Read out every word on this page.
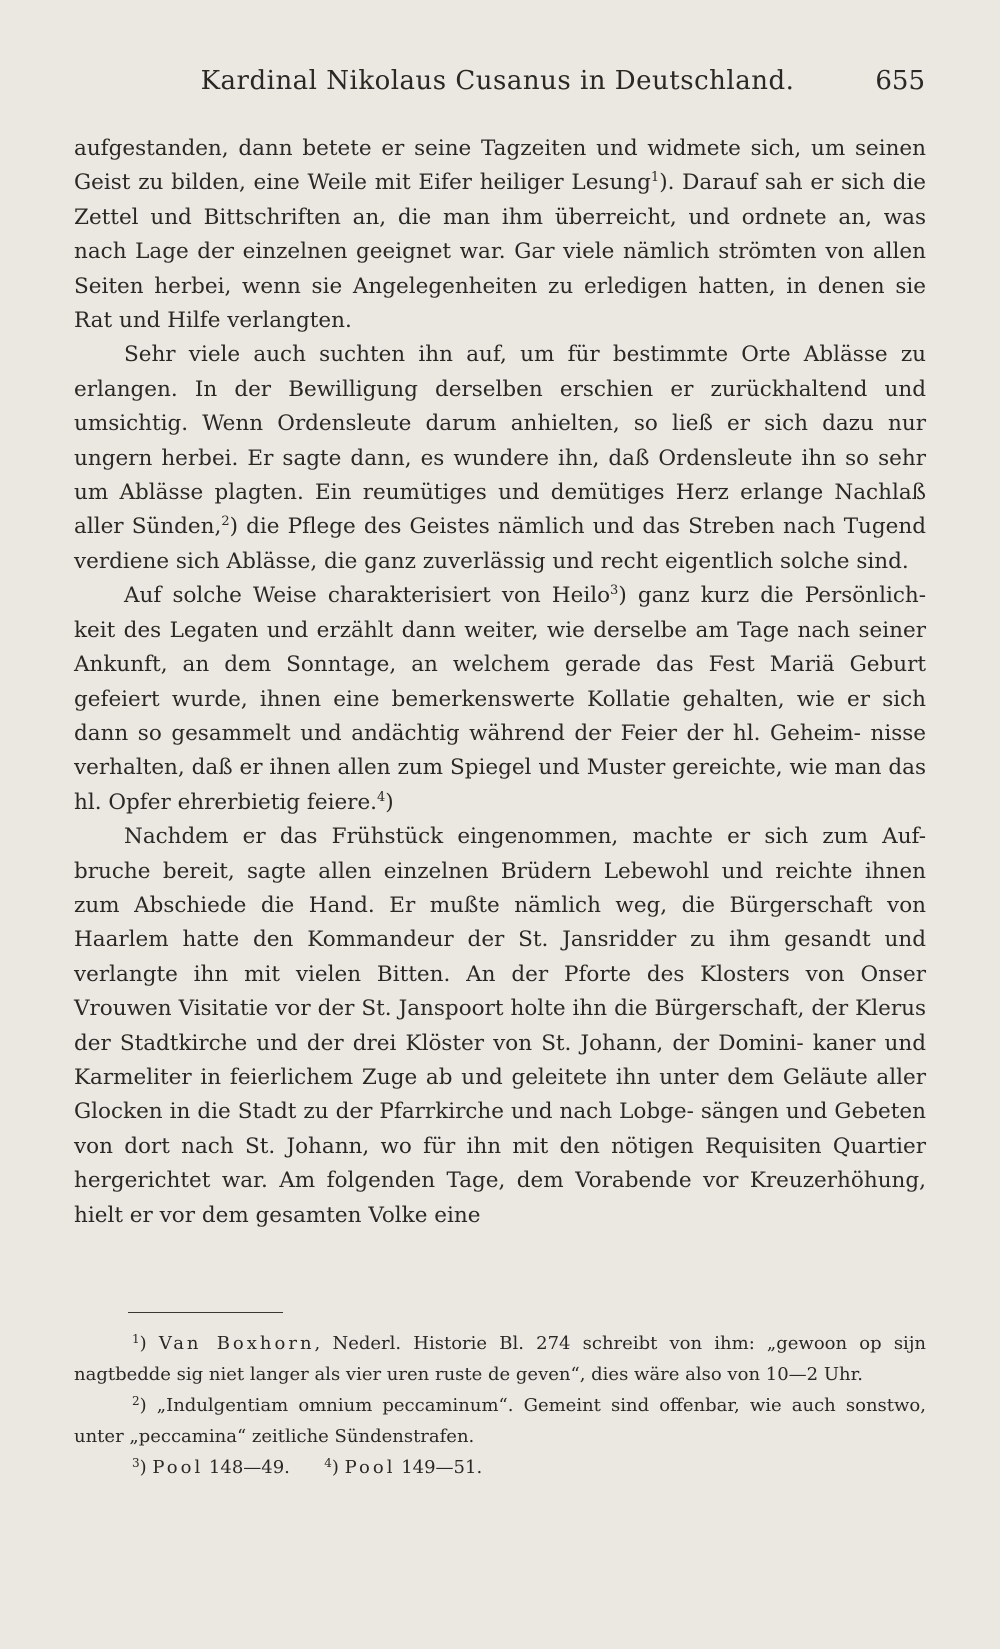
Kardinal Nikolaus Cusanus in Deutschland.	655

aufgestanden, dann betete er seine Tagzeiten und widmete sich, um seinen Geist zu bilden, eine Weile mit Eifer heiliger Lesung$^1$). Darauf sah er sich die Zettel und Bittschriften an, die man ihm überreicht, und ordnete an, was nach Lage der einzelnen geeignet war. Gar viele nämlich strömten von allen Seiten herbei, wenn sie Angelegenheiten zu erledigen hatten, in denen sie Rat und Hilfe verlangten.

Sehr viele auch suchten ihn auf, um für bestimmte Orte Ablässe zu erlangen. In der Bewilligung derselben erschien er zurückhaltend und umsichtig. Wenn Ordensleute darum anhielten, so ließ er sich dazu nur ungern herbei. Er sagte dann, es wundere ihn, daß Ordensleute ihn so sehr um Ablässe plagten. Ein reumütiges und demütiges Herz erlange Nachlaß aller Sünden,$^2$) die Pflege des Geistes nämlich und das Streben nach Tugend verdiene sich Ablässe, die ganz zuverlässig und recht eigentlich solche sind.

Auf solche Weise charakterisiert von Heilo$^3$) ganz kurz die Persönlich- keit des Legaten und erzählt dann weiter, wie derselbe am Tage nach seiner Ankunft, an dem Sonntage, an welchem gerade das Fest Mariä Geburt gefeiert wurde, ihnen eine bemerkenswerte Kollatie gehalten, wie er sich dann so gesammelt und andächtig während der Feier der hl. Geheim- nisse verhalten, daß er ihnen allen zum Spiegel und Muster gereichte, wie man das hl. Opfer ehrerbietig feiere.$^4$)

Nachdem er das Frühstück eingenommen, machte er sich zum Auf- bruche bereit, sagte allen einzelnen Brüdern Lebewohl und reichte ihnen zum Abschiede die Hand. Er mußte nämlich weg, die Bürgerschaft von Haarlem hatte den Kommandeur der St. Jansridder zu ihm gesandt und verlangte ihn mit vielen Bitten. An der Pforte des Klosters von Onser Vrouwen Visitatie vor der St. Janspoort holte ihn die Bürgerschaft, der Klerus der Stadtkirche und der drei Klöster von St. Johann, der Domini- kaner und Karmeliter in feierlichem Zuge ab und geleitete ihn unter dem Geläute aller Glocken in die Stadt zu der Pfarrkirche und nach Lobge- sängen und Gebeten von dort nach St. Johann, wo für ihn mit den nötigen Requisiten Quartier hergerichtet war. Am folgenden Tage, dem Vorabende vor Kreuzerhöhung, hielt er vor dem gesamten Volke eine

$^1$) Van Boxhorn, Nederl. Historie Bl. 274 schreibt von ihm: „gewoon op sijn nagtbedde sig niet langer als vier uren ruste de geven“, dies wäre also von 10—2 Uhr.

$^2$) „Indulgentiam omnium peccaminum“. Gemeint sind offenbar, wie auch sonstwo, unter „peccamina“ zeitliche Sündenstrafen.

$^3$) Pool 148—49.	$^4$) Pool 149—51.
